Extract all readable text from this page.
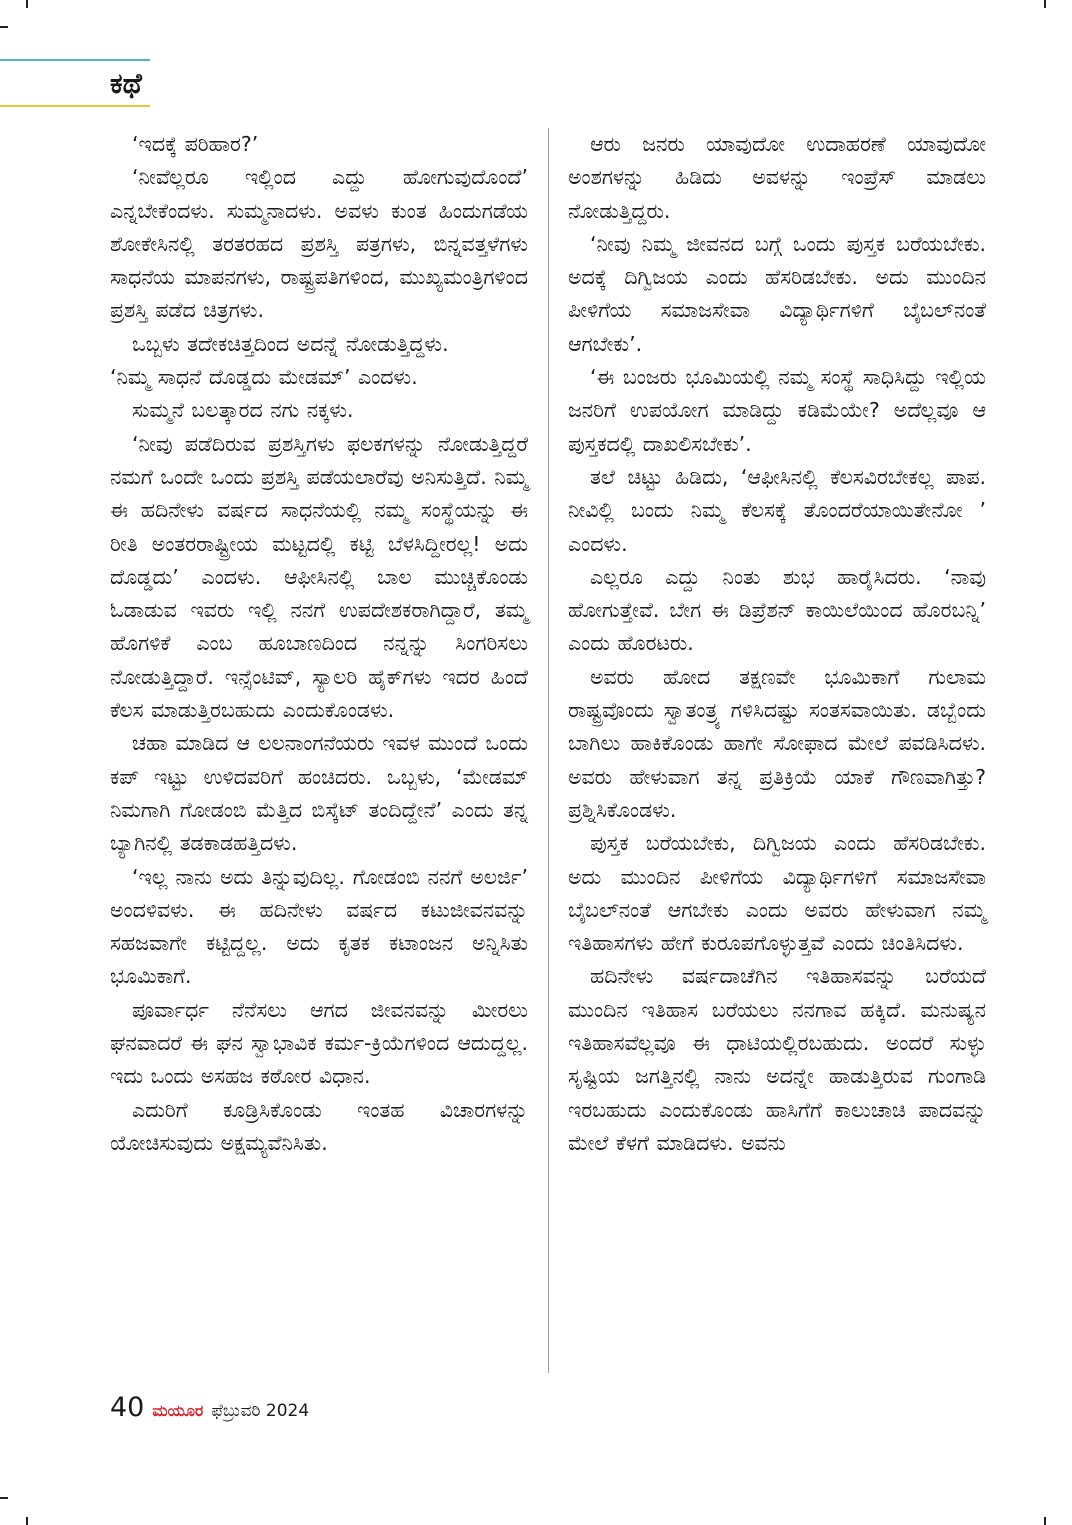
ಕಥೆ

‘ಇದಕ್ಕೆ ಪರಿಹಾರ?’

‘ನೀವೆಲ್ಲರೂ ಇಲ್ಲಿಂದ ಎದ್ದು ಹೋಗುವುದೊಂದೆ’ ಎನ್ನಬೇಕೆಂದಳು. ಸುಮ್ಮನಾದಳು. ಅವಳು ಕುಂತ ಹಿಂದುಗಡೆಯ ಶೋಕೇಸಿನಲ್ಲಿ ತರತರಹದ ಪ್ರಶಸ್ತಿ ಪತ್ರಗಳು, ಬಿನ್ನವತ್ತಳೆಗಳು ಸಾಧನೆಯ ಮಾಪನಗಳು, ರಾಷ್ಟ್ರಪತಿಗಳಿಂದ, ಮುಖ್ಯಮಂತ್ರಿಗಳಿಂದ ಪ್ರಶಸ್ತಿ ಪಡೆದ ಚಿತ್ರಗಳು.

ಒಬ್ಬಳು ತದೇಕಚಿತ್ತದಿಂದ ಅದನ್ನೆ ನೋಡುತ್ತಿದ್ದಳು.

‘ನಿಮ್ಮ ಸಾಧನೆ ದೊಡ್ಡದು ಮೇಡಮ್’ ಎಂದಳು.

ಸುಮ್ಮನೆ ಬಲತ್ಕಾರದ ನಗು ನಕ್ಕಳು.

‘ನೀವು ಪಡೆದಿರುವ ಪ್ರಶಸ್ತಿಗಳು ಫಲಕಗಳನ್ನು ನೋಡುತ್ತಿದ್ದರೆ ನಮಗೆ ಒಂದೇ ಒಂದು ಪ್ರಶಸ್ತಿ ಪಡೆಯಲಾರೆವು ಅನಿಸುತ್ತಿದೆ. ನಿಮ್ಮ ಈ ಹದಿನೇಳು ವರ್ಷದ ಸಾಧನೆಯಲ್ಲಿ ನಮ್ಮ ಸಂಸ್ಥೆಯನ್ನು ಈ ರೀತಿ ಅಂತರರಾಷ್ಟ್ರೀಯ ಮಟ್ಟದಲ್ಲಿ ಕಟ್ಟಿ ಬೆಳಸಿದ್ದೀರಲ್ಲ! ಅದು ದೊಡ್ಡದು’ ಎಂದಳು. ಆಫೀಸಿನಲ್ಲಿ ಬಾಲ ಮುಚ್ಚಿಕೊಂಡು ಓಡಾಡುವ ಇವರು ಇಲ್ಲಿ ನನಗೆ ಉಪದೇಶಕರಾಗಿದ್ದಾರೆ, ತಮ್ಮ ಹೊಗಳಿಕೆ ಎಂಬ ಹೂಬಾಣದಿಂದ ನನ್ನನ್ನು ಸಿಂಗರಿಸಲು ನೋಡುತ್ತಿದ್ದಾರೆ. ಇನ್ಸೆಂಟಿವ್, ಸ್ಯಾಲರಿ ಹೈಕ್‌ಗಳು ಇದರ ಹಿಂದೆ ಕೆಲಸ ಮಾಡುತ್ತಿರಬಹುದು ಎಂದುಕೊಂಡಳು.

ಚಹಾ ಮಾಡಿದ ಆ ಲಲನಾಂಗನೆಯರು ಇವಳ ಮುಂದೆ ಒಂದು ಕಪ್ ಇಟ್ಟು ಉಳಿದವರಿಗೆ ಹಂಚಿದರು. ಒಬ್ಬಳು, ‘ಮೇಡಮ್ ನಿಮಗಾಗಿ ಗೋಡಂಬಿ ಮೆತ್ತಿದ ಬಿಸ್ಕೆಟ್ ತಂದಿದ್ದೇನೆ’ ಎಂದು ತನ್ನ ಬ್ಯಾಗಿನಲ್ಲಿ ತಡಕಾಡಹತ್ತಿದಳು.

‘ಇಲ್ಲ ನಾನು ಅದು ತಿನ್ನುವುದಿಲ್ಲ. ಗೋಡಂಬಿ ನನಗೆ ಅಲರ್ಜಿ’ ಅಂದಳಿವಳು. ಈ ಹದಿನೇಳು ವರ್ಷದ ಕಟುಜೀವನವನ್ನು ಸಹಜವಾಗೇ ಕಟ್ಟಿದ್ದಲ್ಲ. ಅದು ಕೃತಕ ಕಟಾಂಜನ ಅನ್ನಿಸಿತು ಭೂಮಿಕಾಗೆ.

ಪೂರ್ವಾರ್ಧ ನೆನೆಸಲು ಆಗದ ಜೀವನವನ್ನು ಮೀರಲು ಘನವಾದರೆ ಈ ಘನ ಸ್ವಾಭಾವಿಕ ಕರ್ಮ-ಕ್ರಿಯೆಗಳಿಂದ ಆದುದ್ದಲ್ಲ. ಇದು ಒಂದು ಅಸಹಜ ಕಠೋರ ವಿಧಾನ.

ಎದುರಿಗೆ ಕೂಡ್ರಿಸಿಕೊಂಡು ಇಂತಹ ವಿಚಾರಗಳನ್ನು ಯೋಚಿಸುವುದು ಅಕ್ಷಮ್ಯವೆನಿಸಿತು.

ಆರು ಜನರು ಯಾವುದೋ ಉದಾಹರಣೆ ಯಾವುದೋ ಅಂಶಗಳನ್ನು ಹಿಡಿದು ಅವಳನ್ನು ಇಂಪ್ರೆಸ್ ಮಾಡಲು ನೋಡುತ್ತಿದ್ದರು.

‘ನೀವು ನಿಮ್ಮ ಜೀವನದ ಬಗ್ಗೆ ಒಂದು ಪುಸ್ತಕ ಬರೆಯಬೇಕು. ಅದಕ್ಕೆ ದಿಗ್ವಿಜಯ ಎಂದು ಹೆಸರಿಡಬೇಕು. ಅದು ಮುಂದಿನ ಪೀಳಿಗೆಯ ಸಮಾಜಸೇವಾ ವಿದ್ಯಾರ್ಥಿಗಳಿಗೆ ಬೈಬಲ್‌ನಂತೆ ಆಗಬೇಕು’.

‘ಈ ಬಂಜರು ಭೂಮಿಯಲ್ಲಿ ನಮ್ಮ ಸಂಸ್ಥೆ ಸಾಧಿಸಿದ್ದು ಇಲ್ಲಿಯ ಜನರಿಗೆ ಉಪಯೋಗ ಮಾಡಿದ್ದು ಕಡಿಮೆಯೇ? ಅದೆಲ್ಲವೂ ಆ ಪುಸ್ತಕದಲ್ಲಿ ದಾಖಲಿಸಬೇಕು’.

ತಲೆ ಚಿಟ್ಟು ಹಿಡಿದು, ‘ಆಫೀಸಿನಲ್ಲಿ ಕೆಲಸವಿರಬೇಕಲ್ಲ ಪಾಪ. ನೀವಿಲ್ಲಿ ಬಂದು ನಿಮ್ಮ ಕೆಲಸಕ್ಕೆ ತೊಂದರೆಯಾಯಿತೇನೋ ’ ಎಂದಳು.

ಎಲ್ಲರೂ ಎದ್ದು ನಿಂತು ಶುಭ ಹಾರೈಸಿದರು. ‘ನಾವು ಹೋಗುತ್ತೇವೆ. ಬೇಗ ಈ ಡಿಪ್ರೆಶನ್ ಕಾಯಿಲೆಯಿಂದ ಹೊರಬನ್ನಿ’ ಎಂದು ಹೊರಟರು.

ಅವರು ಹೋದ ತಕ್ಷಣವೇ ಭೂಮಿಕಾಗೆ ಗುಲಾಮ ರಾಷ್ಟ್ರವೊಂದು ಸ್ವಾತಂತ್ರ್ಯ ಗಳಿಸಿದಷ್ಟು ಸಂತಸವಾಯಿತು. ಡಬ್ಬೆಂದು ಬಾಗಿಲು ಹಾಕಿಕೊಂಡು ಹಾಗೇ ಸೋಫಾದ ಮೇಲೆ ಪವಡಿಸಿದಳು. ಅವರು ಹೇಳುವಾಗ ತನ್ನ ಪ್ರತಿಕ್ರಿಯೆ ಯಾಕೆ ಗೌಣವಾಗಿತ್ತು? ಪ್ರಶ್ನಿಸಿಕೊಂಡಳು.

ಪುಸ್ತಕ ಬರೆಯಬೇಕು, ದಿಗ್ವಿಜಯ ಎಂದು ಹೆಸರಿಡಬೇಕು. ಅದು ಮುಂದಿನ ಪೀಳಿಗೆಯ ವಿದ್ಯಾರ್ಥಿಗಳಿಗೆ ಸಮಾಜಸೇವಾ ಬೈಬಲ್‌ನಂತೆ ಆಗಬೇಕು ಎಂದು ಅವರು ಹೇಳುವಾಗ ನಮ್ಮ ಇತಿಹಾಸಗಳು ಹೇಗೆ ಕುರೂಪಗೊಳ್ಳುತ್ತವೆ ಎಂದು ಚಿಂತಿಸಿದಳು.

ಹದಿನೇಳು ವರ್ಷದಾಚೆಗಿನ ಇತಿಹಾಸವನ್ನು ಬರೆಯದೆ ಮುಂದಿನ ಇತಿಹಾಸ ಬರೆಯಲು ನನಗಾವ ಹಕ್ಕಿದೆ. ಮನುಷ್ಯನ ಇತಿಹಾಸವೆಲ್ಲವೂ ಈ ಧಾಟಿಯಲ್ಲಿರಬಹುದು. ಅಂದರೆ ಸುಳ್ಳು ಸೃಷ್ಟಿಯ ಜಗತ್ತಿನಲ್ಲಿ ನಾನು ಅದನ್ನೇ ಹಾಡುತ್ತಿರುವ ಗುಂಗಾಡಿ ಇರಬಹುದು ಎಂದುಕೊಂಡು ಹಾಸಿಗೆಗೆ ಕಾಲುಚಾಚಿ ಪಾದವನ್ನು ಮೇಲೆ ಕೆಳಗೆ ಮಾಡಿದಳು. ಅವನು

40 ಮಯೂರ ಫೆಬ್ರುವರಿ 2024
